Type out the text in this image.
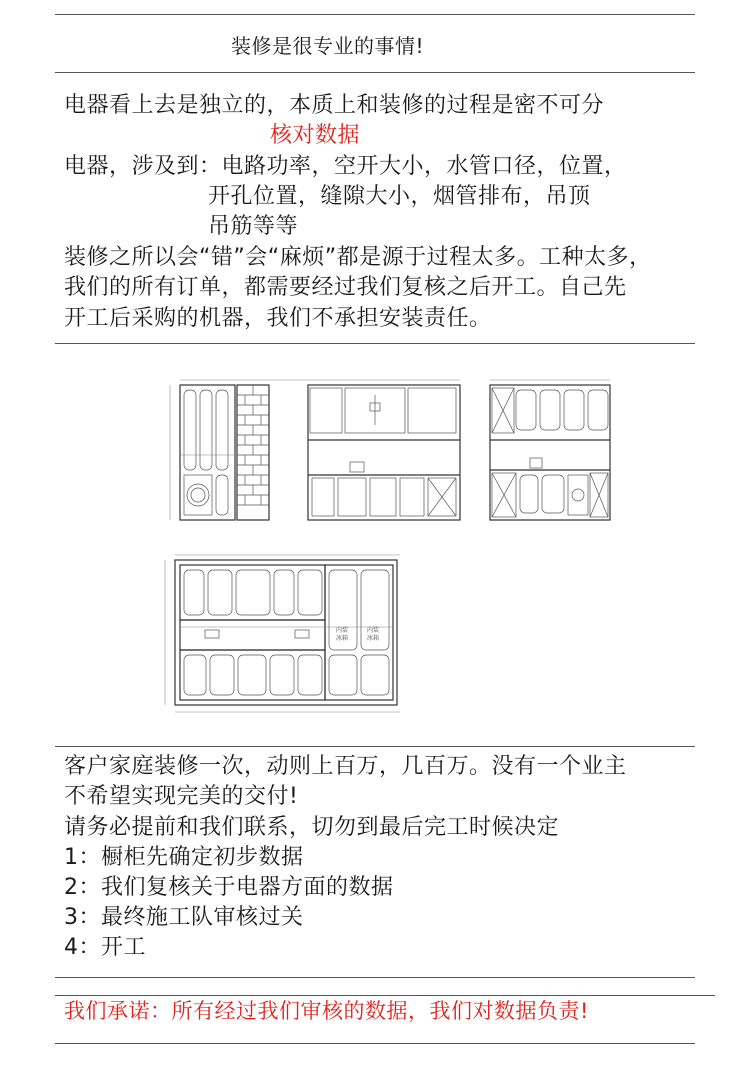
装修是很专业的事情!
电器看上去是独立的，本质上和装修的过程是密不可分
核对数据
电器，涉及到：电路功率，空开大小，水管口径，位置，
开孔位置，缝隙大小，烟管排布，吊顶
吊筋等等
装修之所以会“错”会“麻烦”都是源于过程太多。工种太多，
我们的所有订单，都需要经过我们复核之后开工。自己先
开工后采购的机器，我们不承担安装责任。
内装
冰箱
内装
冰箱
客户家庭装修一次，动则上百万，几百万。没有一个业主
不希望实现完美的交付!
请务必提前和我们联系，切勿到最后完工时候决定
1：橱柜先确定初步数据
2：我们复核关于电器方面的数据
3：最终施工队审核过关
4：开工
我们承诺：所有经过我们审核的数据，我们对数据负责!
